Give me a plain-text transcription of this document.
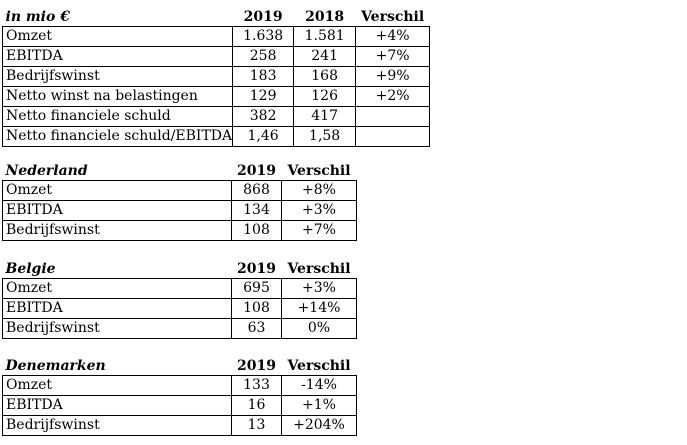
in mio €	2019	2018	Verschil
Omzet	1.638	1.581	+4%
EBITDA	258	241	+7%
Bedrijfswinst	183	168	+9%
Netto winst na belastingen	129	126	+2%
Netto financiele schuld	382	417	
Netto financiele schuld/EBITDA	1,46	1,58	
Nederland	2019	Verschil
Omzet	868	+8%
EBITDA	134	+3%
Bedrijfswinst	108	+7%
Belgie	2019	Verschil
Omzet	695	+3%
EBITDA	108	+14%
Bedrijfswinst	63	0%
Denemarken	2019	Verschil
Omzet	133	-14%
EBITDA	16	+1%
Bedrijfswinst	13	+204%
